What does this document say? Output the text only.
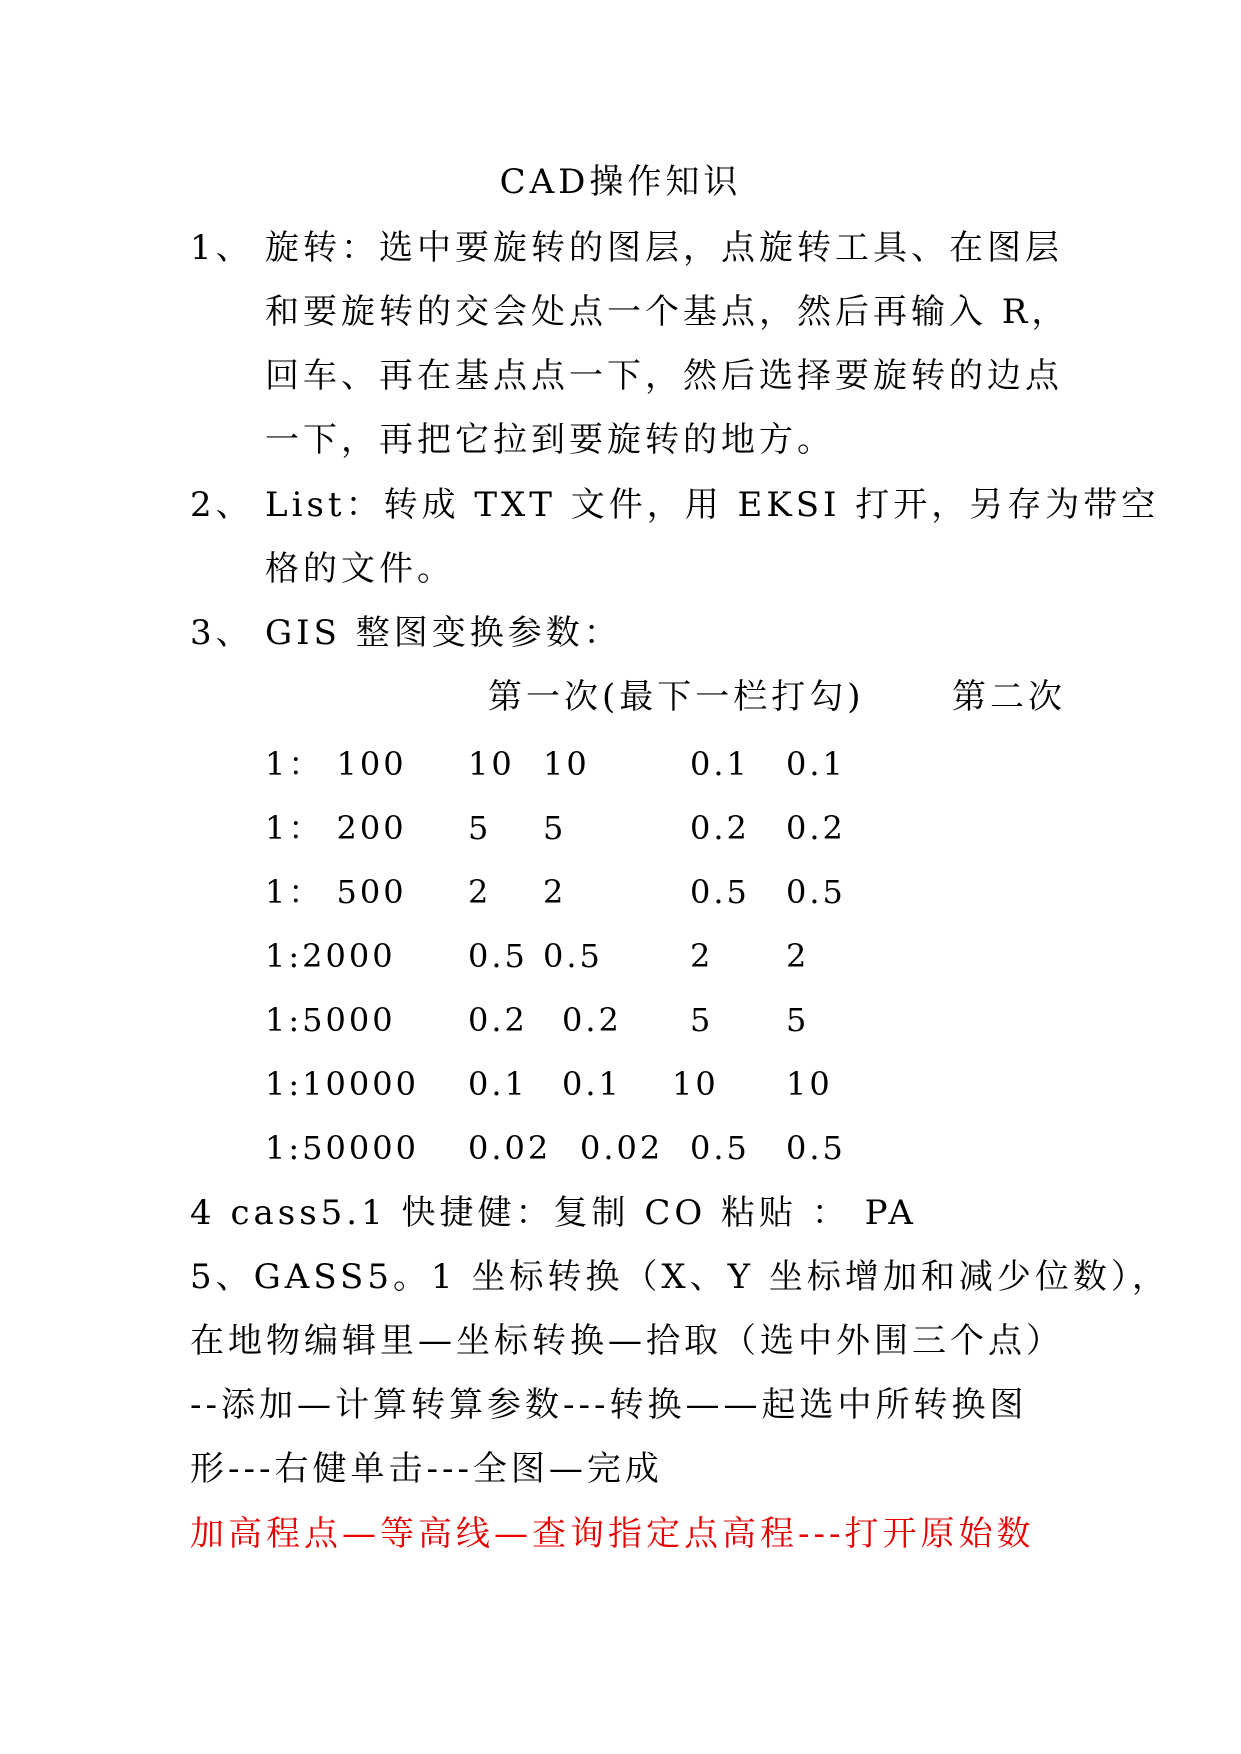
CAD操作知识
1、 旋转：选中要旋转的图层，点旋转工具、在图层
和要旋转的交会处点一个基点，然后再输入 R，
回车、再在基点点一下，然后选择要旋转的边点
一下，再把它拉到要旋转的地方。
2、 List：转成 TXT 文件，用 EKSI 打开，另存为带空
格的文件。
3、 GIS 整图变换参数：
第一次(最下一栏打勾)	第二次
1： 100 10 10	0.1 0.1
1： 200 5 5	0.2 0.2
1： 500 2 2	0.5 0.5
1:2000 0.5 0.5	2 2
1:5000 0.2 0.2 5 5
1:10000 0.1 0.1 10 10
1:50000 0.02 0.02 0.5 0.5
4 cass5.1 快捷健：复制 CO 粘贴 ： PA
5、GASS5。1 坐标转换（X、Y 坐标增加和减少位数），
在地物编辑里—坐标转换—拾取（选中外围三个点）
--添加—计算转算参数---转换——起选中所转换图
形---右健单击---全图—完成
加高程点—等高线—查询指定点高程---打开原始数
